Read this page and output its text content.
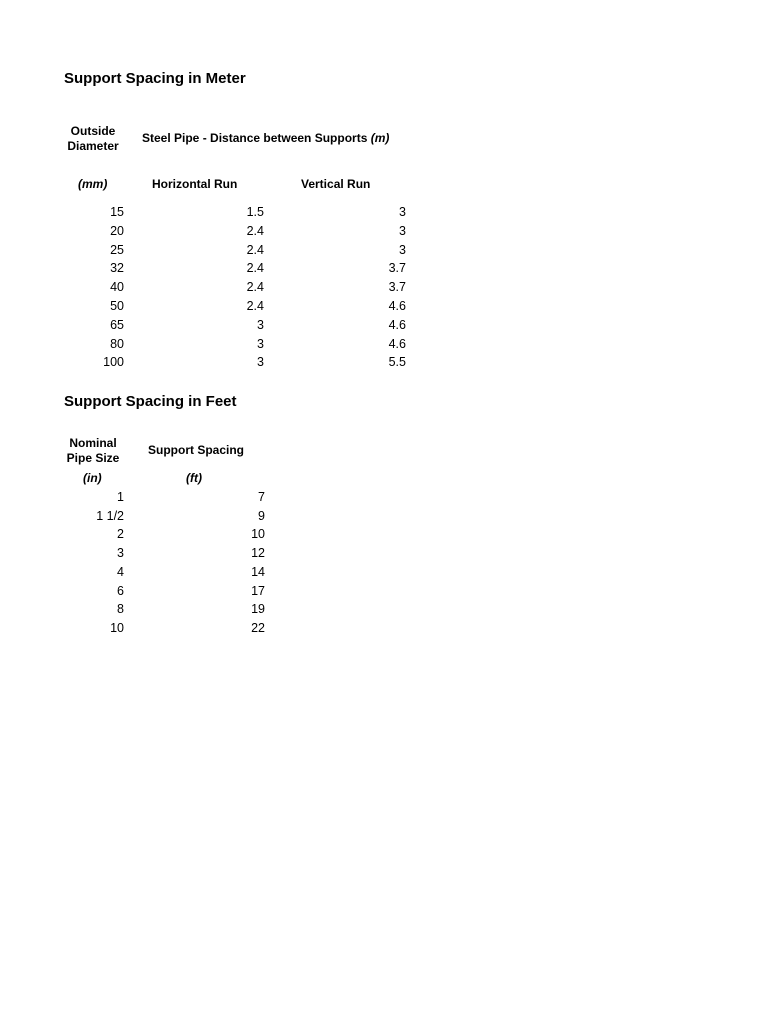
Support Spacing in Meter
Outside
Diameter
Steel Pipe - Distance between Supports (m)
(mm)	Horizontal Run	Vertical Run
15	1.5	3
20	2.4	3
25	2.4	3
32	2.4	3.7
40	2.4	3.7
50	2.4	4.6
65	3	4.6
80	3	4.6
100	3	5.5
Support Spacing in Feet
Nominal
Pipe Size
Support Spacing
(in)	(ft)
1	7
1 1/2	9
2	10
3	12
4	14
6	17
8	19
10	22
